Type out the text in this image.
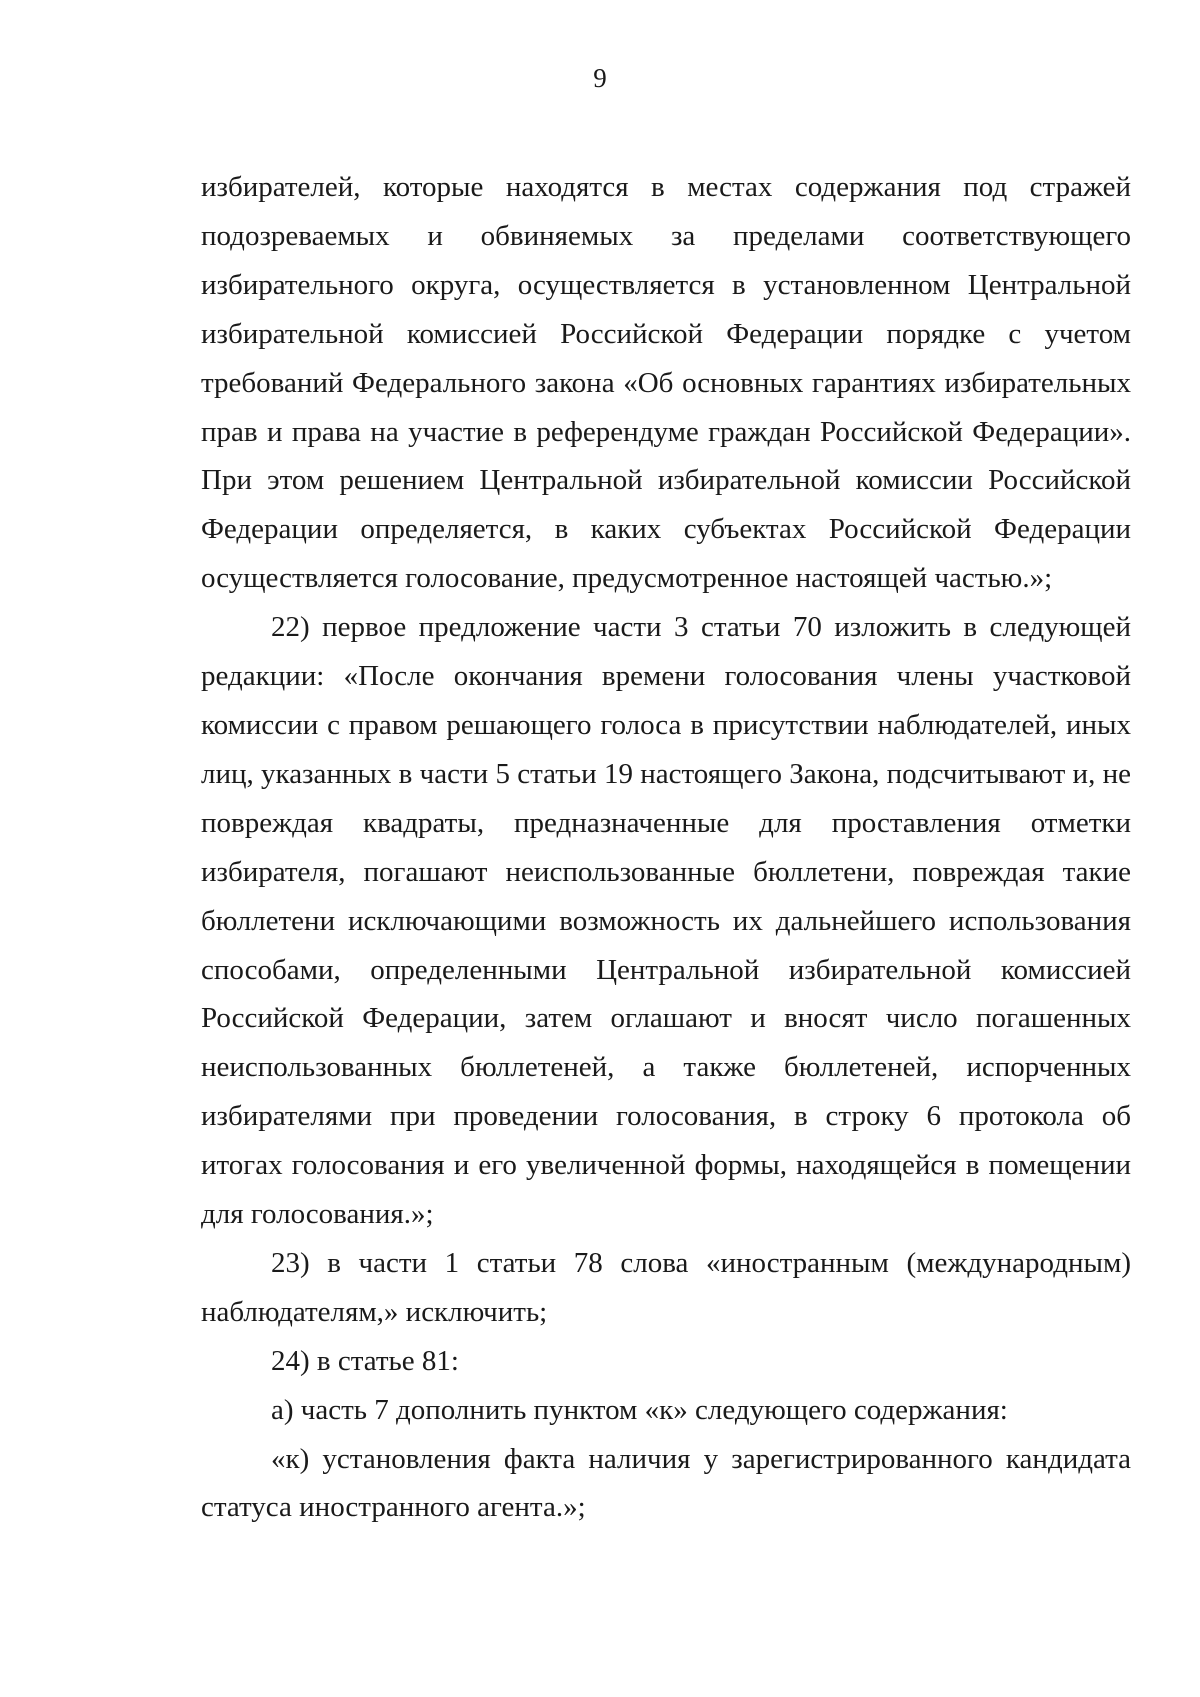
9

избирателей, которые находятся в местах содержания под стражей подозреваемых и обвиняемых за пределами соответствующего избирательного округа, осуществляется в установленном Центральной избирательной комиссией Российской Федерации порядке с учетом требований Федерального закона «Об основных гарантиях избирательных прав и права на участие в референдуме граждан Российской Федерации». При этом решением Центральной избирательной комиссии Российской Федерации определяется, в каких субъектах Российской Федерации осуществляется голосование, предусмотренное настоящей частью.»;

22) первое предложение части 3 статьи 70 изложить в следующей редакции: «После окончания времени голосования члены участковой комиссии с правом решающего голоса в присутствии наблюдателей, иных лиц, указанных в части 5 статьи 19 настоящего Закона, подсчитывают и, не повреждая квадраты, предназначенные для проставления отметки избирателя, погашают неиспользованные бюллетени, повреждая такие бюллетени исключающими возможность их дальнейшего использования способами, определенными Центральной избирательной комиссией Российской Федерации, затем оглашают и вносят число погашенных неиспользованных бюллетеней, а также бюллетеней, испорченных избирателями при проведении голосования, в строку 6 протокола об итогах голосования и его увеличенной формы, находящейся в помещении для голосования.»;

23) в части 1 статьи 78 слова «иностранным (международным) наблюдателям,» исключить;

24) в статье 81:

а) часть 7 дополнить пунктом «к» следующего содержания:

«к) установления факта наличия у зарегистрированного кандидата статуса иностранного агента.»;
